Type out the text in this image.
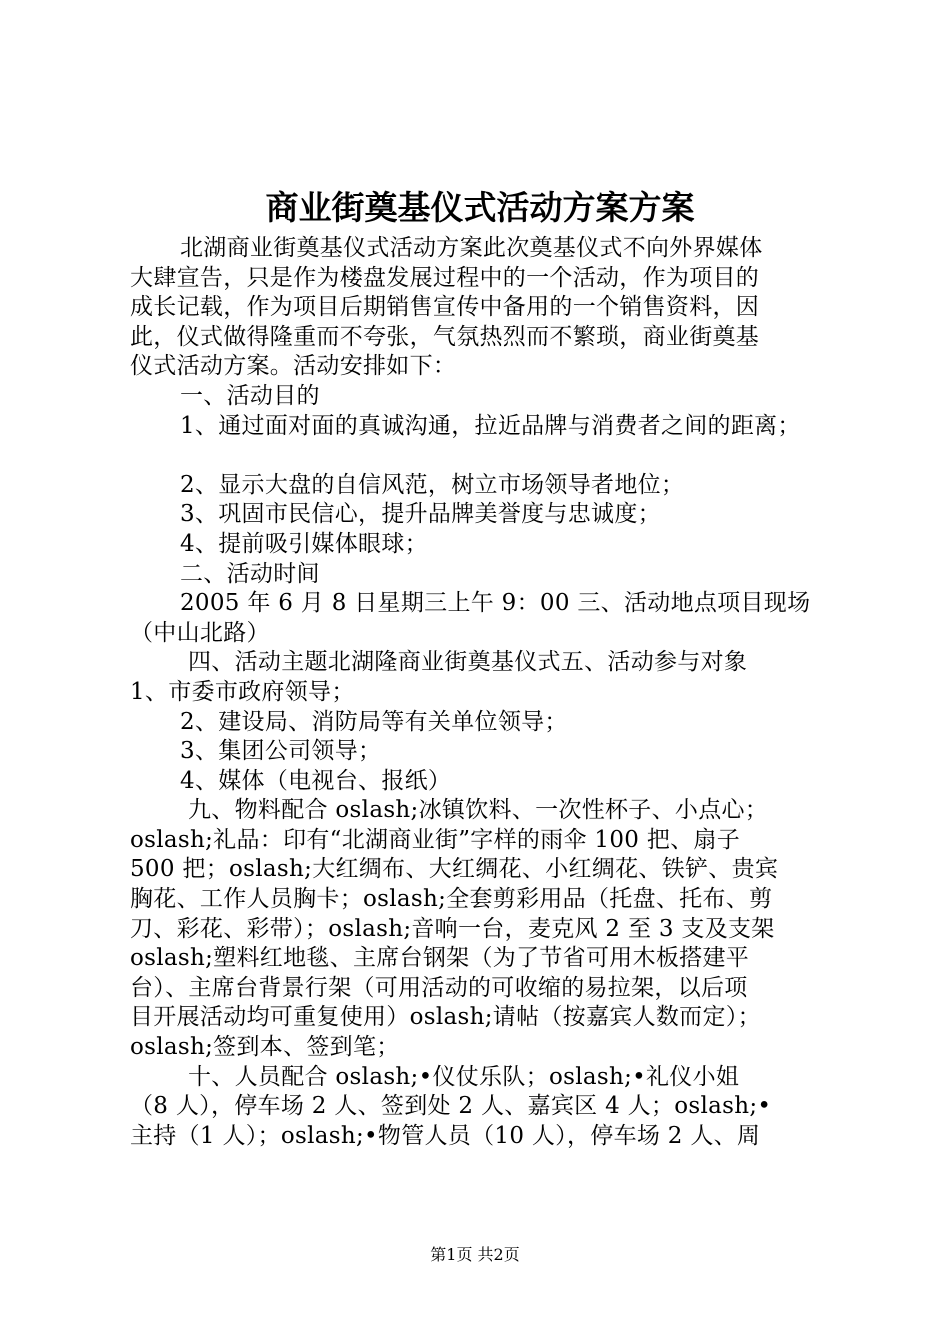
商业街奠基仪式活动方案方案
北湖商业街奠基仪式活动方案此次奠基仪式不向外界媒体
大肆宣告，只是作为楼盘发展过程中的一个活动，作为项目的
成长记载，作为项目后期销售宣传中备用的一个销售资料，因
此，仪式做得隆重而不夸张，气氛热烈而不繁琐，商业街奠基
仪式活动方案。活动安排如下：
一、活动目的
1、通过面对面的真诚沟通，拉近品牌与消费者之间的距离；
2、显示大盘的自信风范，树立市场领导者地位；
3、巩固市民信心，提升品牌美誉度与忠诚度；
4、提前吸引媒体眼球；
二、活动时间
2005 年 6 月 8 日星期三上午 9：00 三、活动地点项目现场
（中山北路）
四、活动主题北湖隆商业街奠基仪式五、活动参与对象
1、市委市政府领导；
2、建设局、消防局等有关单位领导；
3、集团公司领导；
4、媒体（电视台、报纸）
九、物料配合 oslash;冰镇饮料、一次性杯子、小点心；
oslash;礼品：印有“北湖商业街”字样的雨伞 100 把、扇子
500 把；oslash;大红绸布、大红绸花、小红绸花、铁铲、贵宾
胸花、工作人员胸卡；oslash;全套剪彩用品（托盘、托布、剪
刀、彩花、彩带）；oslash;音响一台，麦克风 2 至 3 支及支架
oslash;塑料红地毯、主席台钢架（为了节省可用木板搭建平
台）、主席台背景行架（可用活动的可收缩的易拉架，以后项
目开展活动均可重复使用）oslash;请帖（按嘉宾人数而定）；
oslash;签到本、签到笔；
十、人员配合 oslash;•仪仗乐队；oslash;•礼仪小姐
（8 人），停车场 2 人、签到处 2 人、嘉宾区 4 人；oslash;•
主持（1 人）；oslash;•物管人员（10 人），停车场 2 人、周
第1页 共2页
